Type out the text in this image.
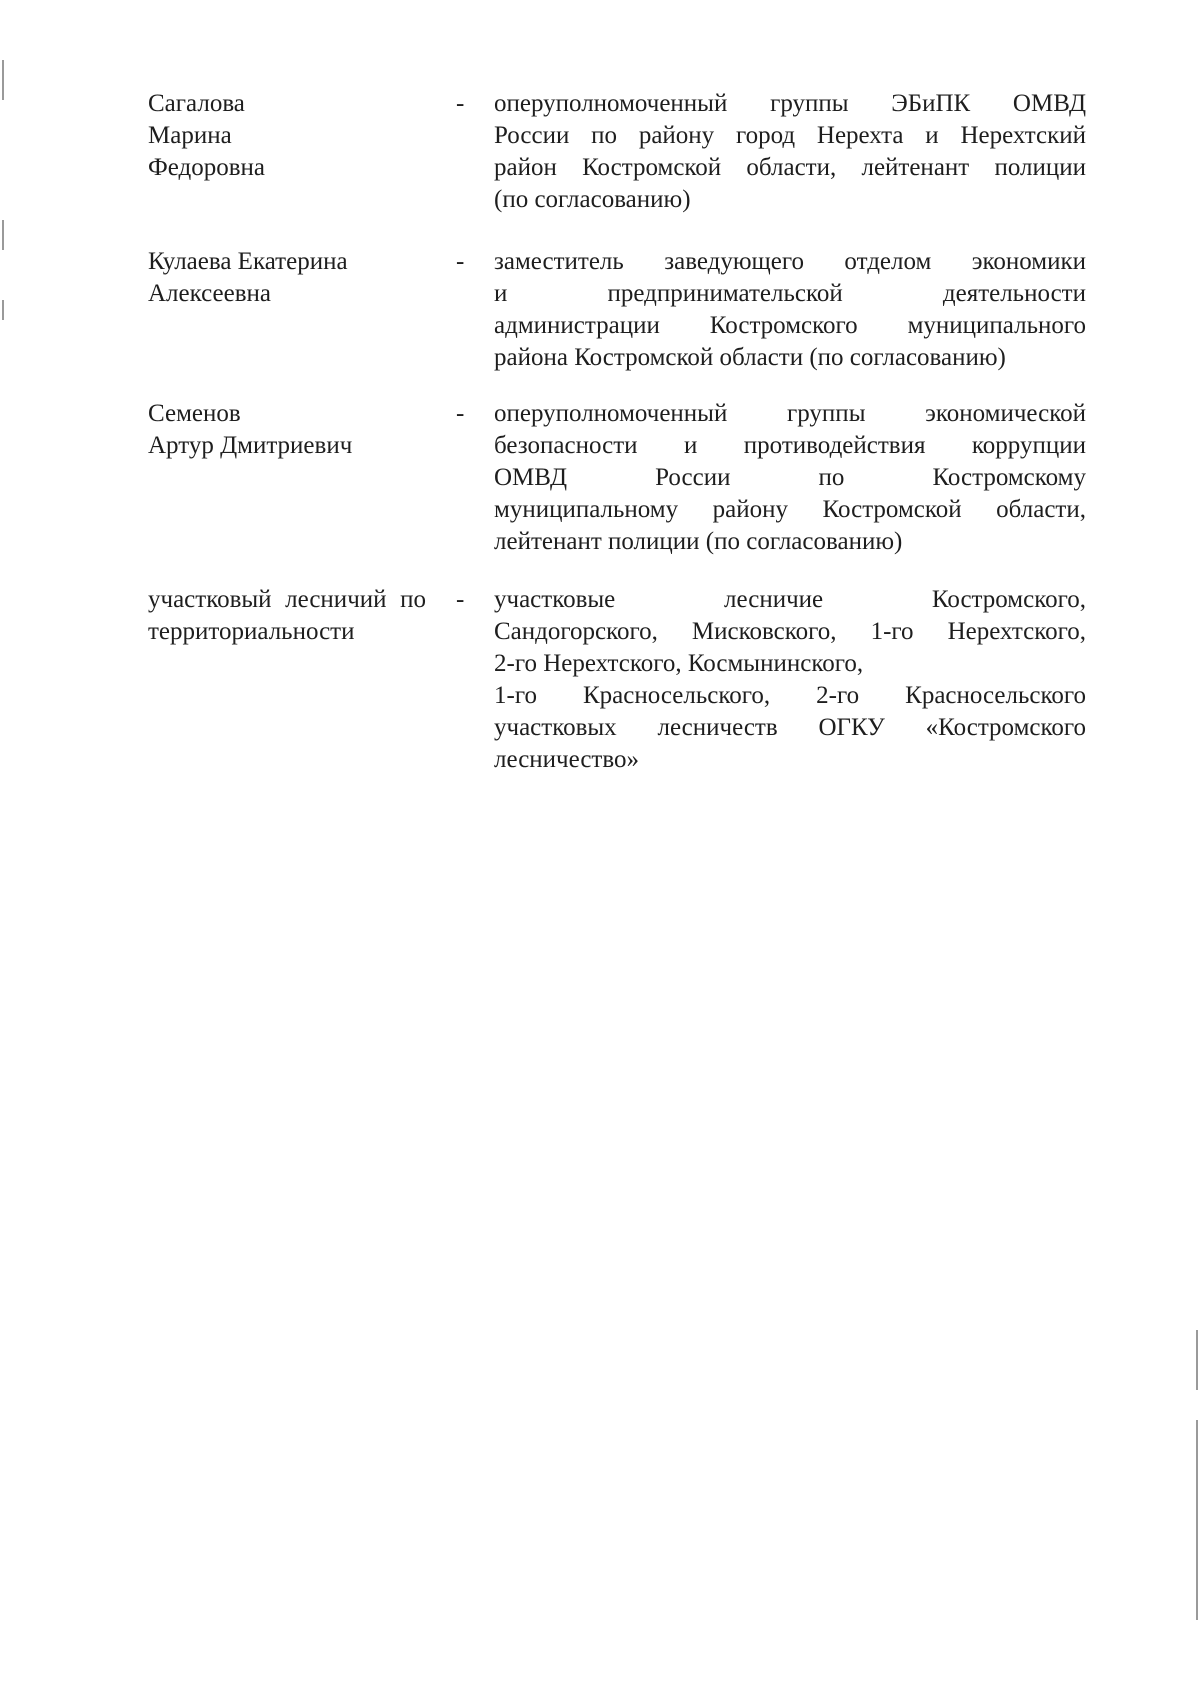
Сагалова
Марина
Федоровна
- оперуполномоченный группы ЭБиПК ОМВД
России по району город Нерехта и Нерехтский
район Костромской области, лейтенант полиции
(по согласованию)
Кулаева Екатерина
Алексеевна
- заместитель заведующего отделом экономики
и предпринимательской деятельности
администрации Костромского муниципального
района Костромской области (по согласованию)
Семенов
Артур Дмитриевич
- оперуполномоченный группы экономической
безопасности и противодействия коррупции
ОМВД России по Костромскому
муниципальному району Костромской области,
лейтенант полиции (по согласованию)
участковый лесничий по территориальности
- участковые лесничие Костромского,
Сандогорского, Мисковского, 1-го Нерехтского,
2-го Нерехтского, Космынинского,
1-го Красносельского, 2-го Красносельского
участковых лесничеств ОГКУ «Костромского
лесничество»
